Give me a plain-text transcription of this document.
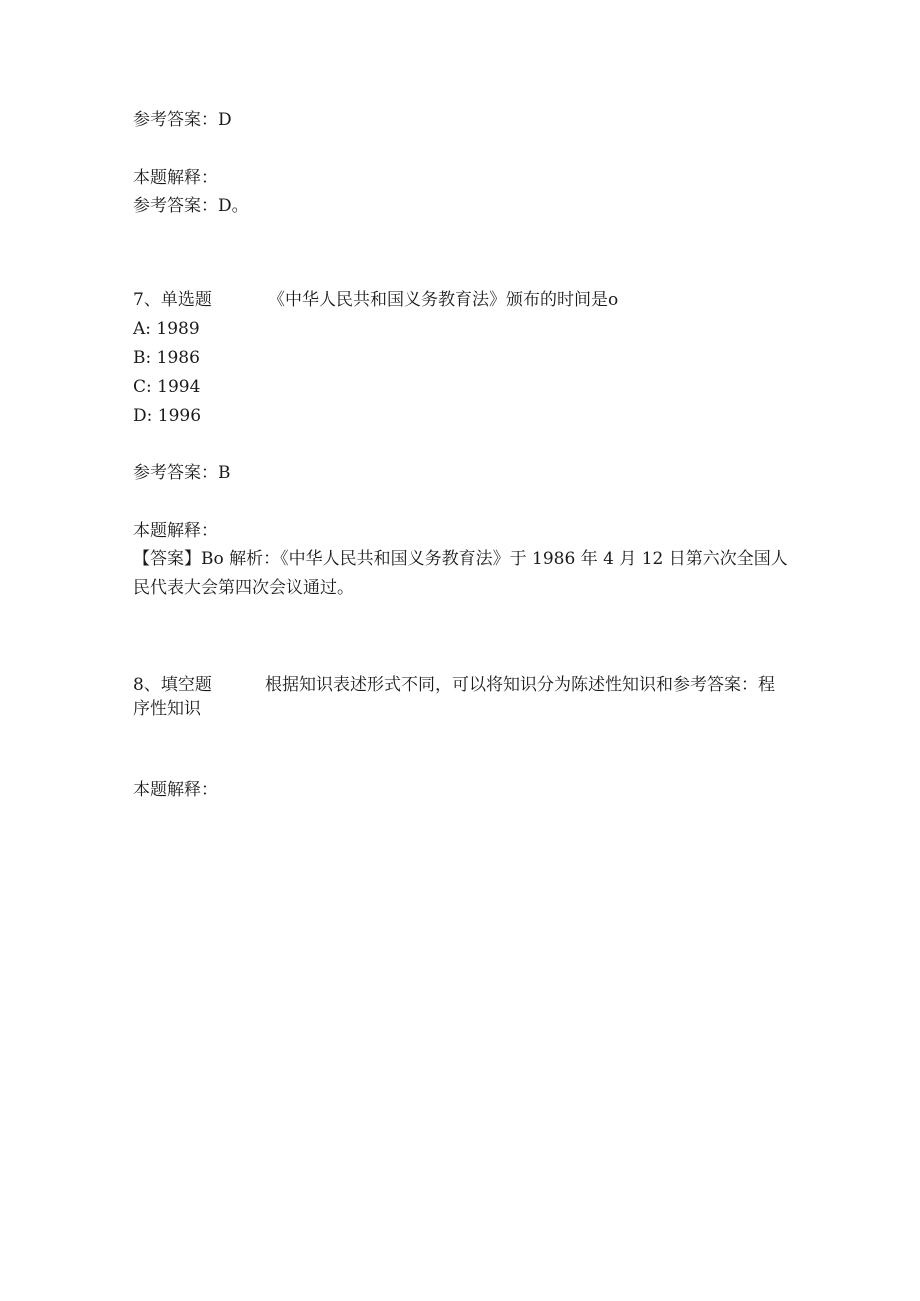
参考答案：D
本题解释：
参考答案：D。
7、单选题	《中华人民共和国义务教育法》颁布的时间是o
A: 1989
B: 1986
C: 1994
D: 1996
参考答案：B
本题解释：
【答案】Bo 解析：《中华人民共和国义务教育法》于 1986 年 4 月 12 日第六次全国人
民代表大会第四次会议通过。
8、填空题	根据知识表述形式不同，可以将知识分为陈述性知识和参考答案：程
序性知识
本题解释：
